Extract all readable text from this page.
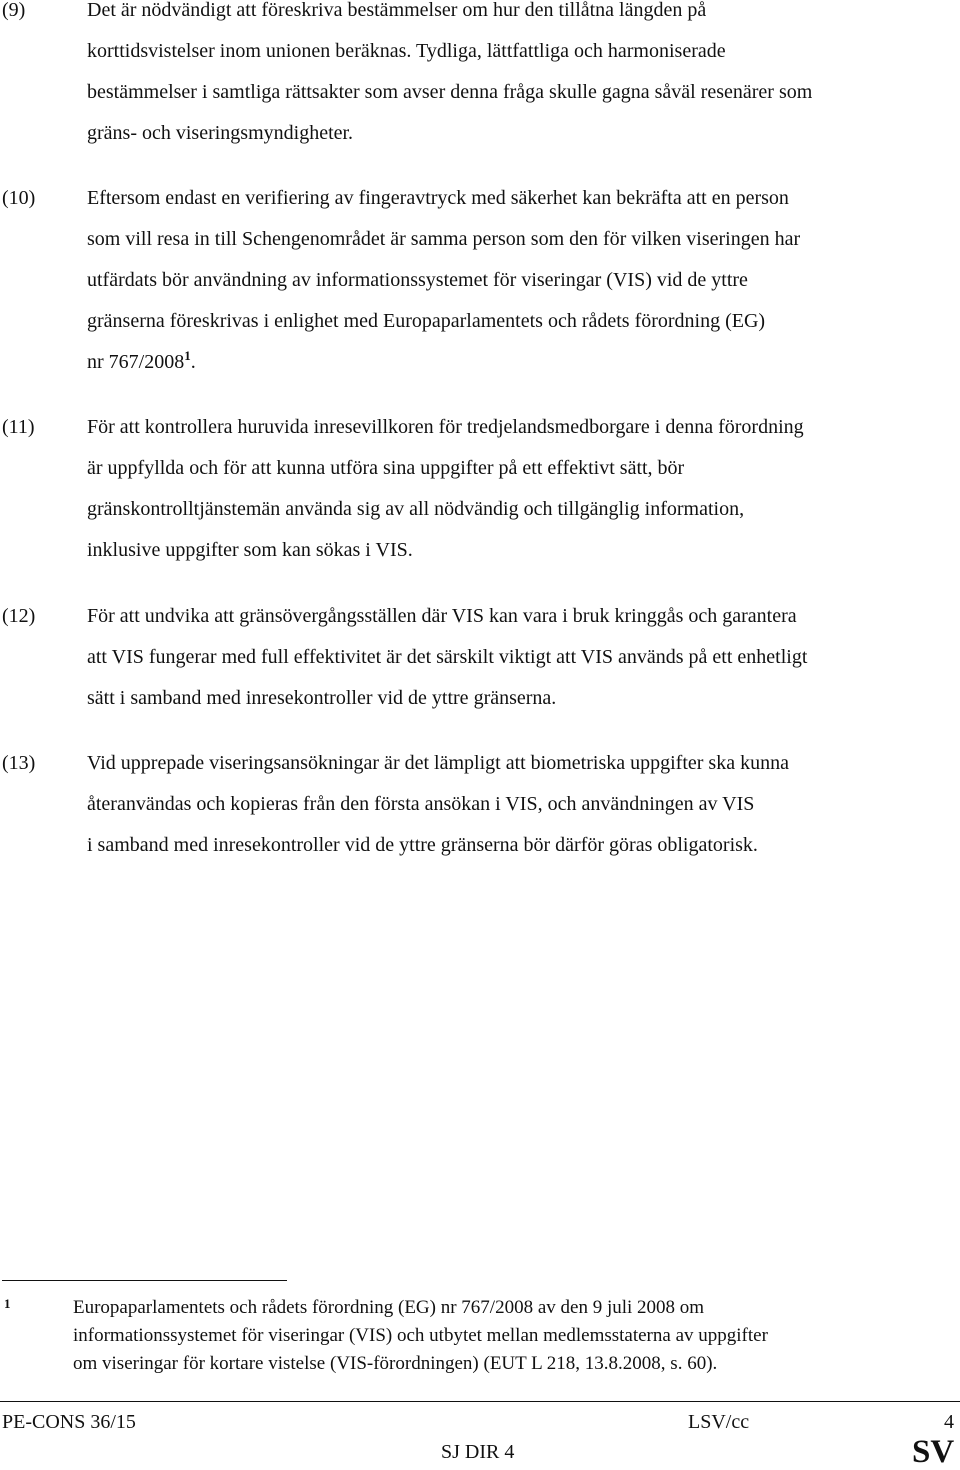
(9)	Det är nödvändigt att föreskriva bestämmelser om hur den tillåtna längden på
korttidsvistelser inom unionen beräknas. Tydliga, lättfattliga och harmoniserade
bestämmelser i samtliga rättsakter som avser denna fråga skulle gagna såväl resenärer som
gräns- och viseringsmyndigheter.
(10)	Eftersom endast en verifiering av fingeravtryck med säkerhet kan bekräfta att en person
som vill resa in till Schengenområdet är samma person som den för vilken viseringen har
utfärdats bör användning av informationssystemet för viseringar (VIS) vid de yttre
gränserna föreskrivas i enlighet med Europaparlamentets och rådets förordning (EG)
nr 767/2008$^1$.
(11)	För att kontrollera huruvida inresevillkoren för tredjelandsmedborgare i denna förordning
är uppfyllda och för att kunna utföra sina uppgifter på ett effektivt sätt, bör
gränskontrolltjänstemän använda sig av all nödvändig och tillgänglig information,
inklusive uppgifter som kan sökas i VIS.
(12)	För att undvika att gränsövergångsställen där VIS kan vara i bruk kringgås och garantera
att VIS fungerar med full effektivitet är det särskilt viktigt att VIS används på ett enhetligt
sätt i samband med inresekontroller vid de yttre gränserna.
(13)	Vid upprepade viseringsansökningar är det lämpligt att biometriska uppgifter ska kunna
återanvändas och kopieras från den första ansökan i VIS, och användningen av VIS
i samband med inresekontroller vid de yttre gränserna bör därför göras obligatorisk.
1	Europaparlamentets och rådets förordning (EG) nr 767/2008 av den 9 juli 2008 om
informationssystemet för viseringar (VIS) och utbytet mellan medlemsstaterna av uppgifter
om viseringar för kortare vistelse (VIS-förordningen) (EUT L 218, 13.8.2008, s. 60).
PE-CONS 36/15	LSV/cc	4
SJ DIR 4	SV
